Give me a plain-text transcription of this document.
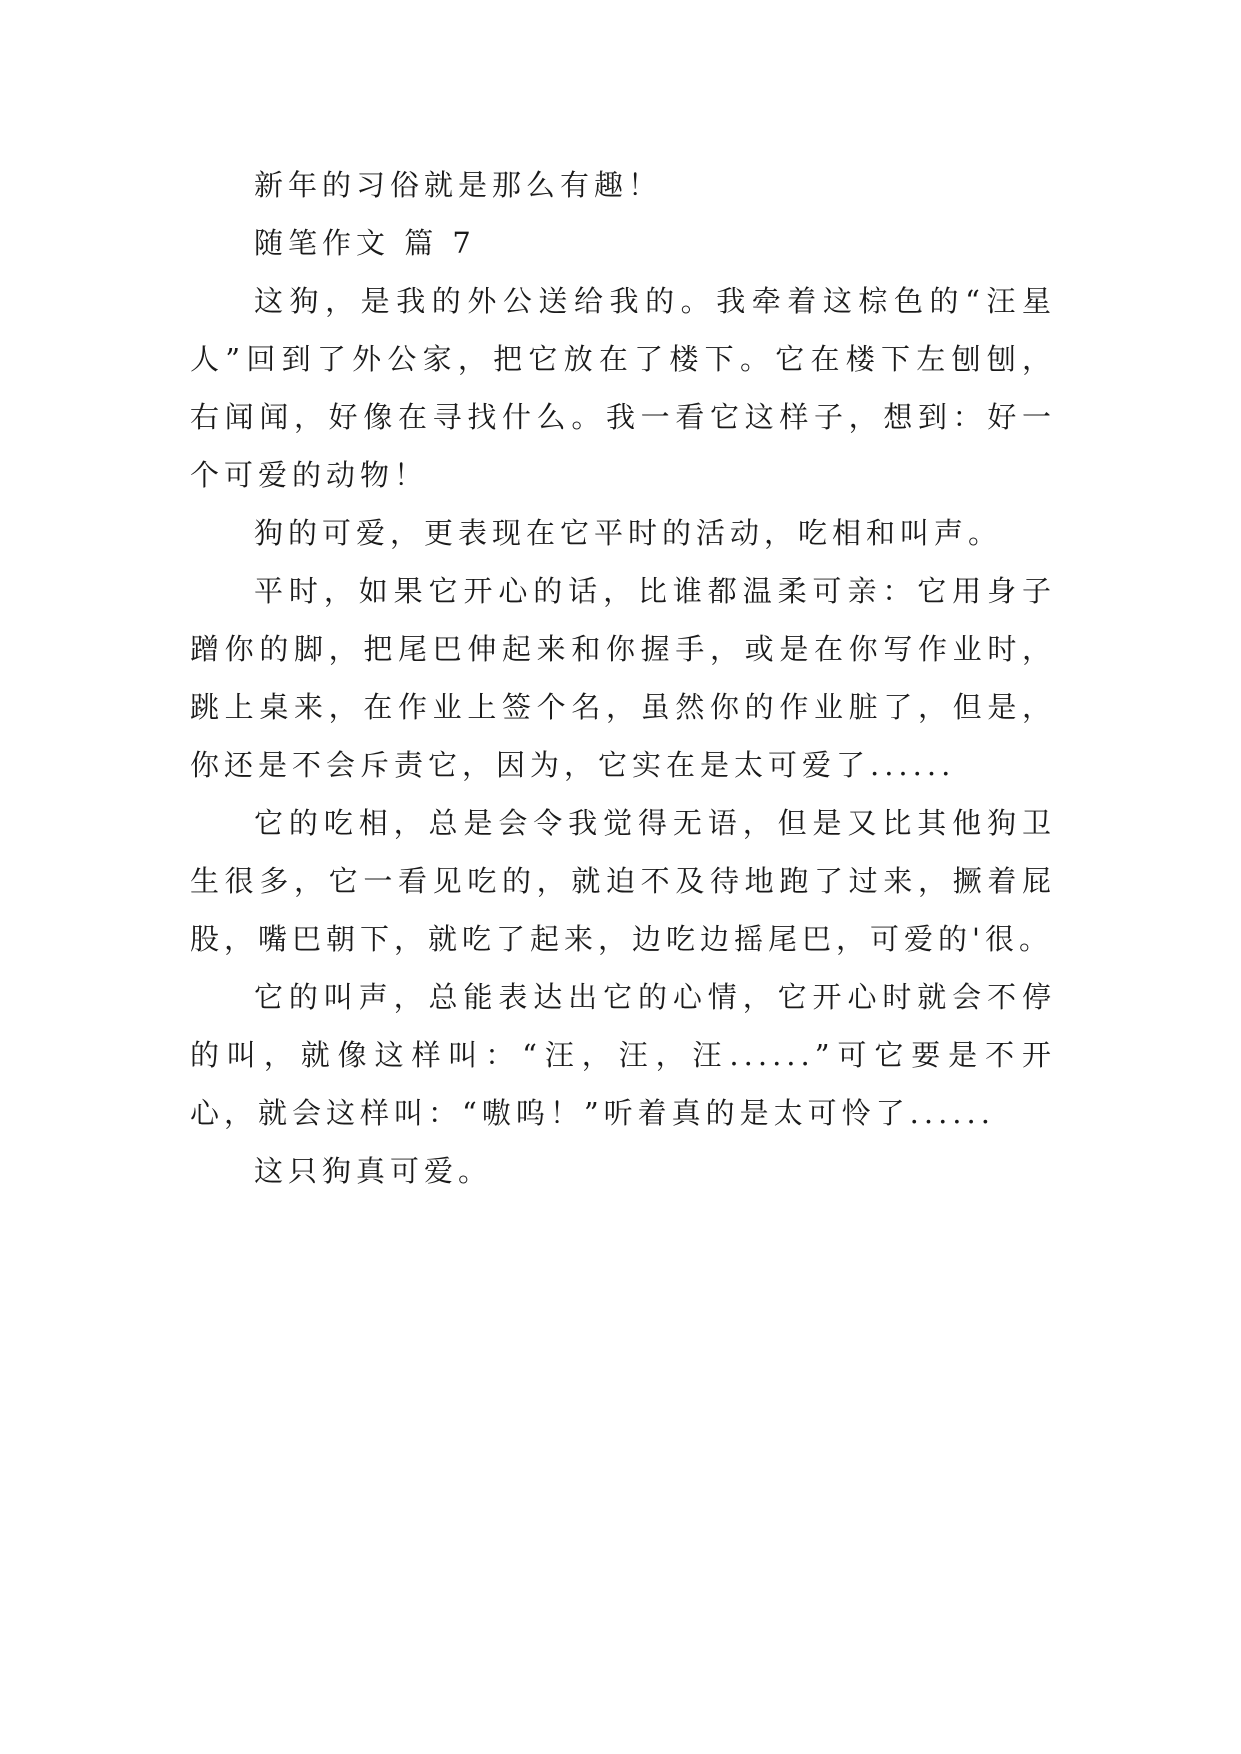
新年的习俗就是那么有趣！

随笔作文 篇 7

这狗，是我的外公送给我的。我牵着这棕色的“汪星人”回到了外公家，把它放在了楼下。它在楼下左刨刨，右闻闻，好像在寻找什么。我一看它这样子，想到：好一个可爱的动物！

狗的可爱，更表现在它平时的活动，吃相和叫声。

平时，如果它开心的话，比谁都温柔可亲：它用身子蹭你的脚，把尾巴伸起来和你握手，或是在你写作业时，跳上桌来，在作业上签个名，虽然你的作业脏了，但是，你还是不会斥责它，因为，它实在是太可爱了......

它的吃相，总是会令我觉得无语，但是又比其他狗卫生很多，它一看见吃的，就迫不及待地跑了过来，撅着屁股，嘴巴朝下，就吃了起来，边吃边摇尾巴，可爱的'很。

它的叫声，总能表达出它的心情，它开心时就会不停的叫，就像这样叫：“汪，汪，汪......”可它要是不开心，就会这样叫：“嗷呜！”听着真的是太可怜了......

这只狗真可爱。
